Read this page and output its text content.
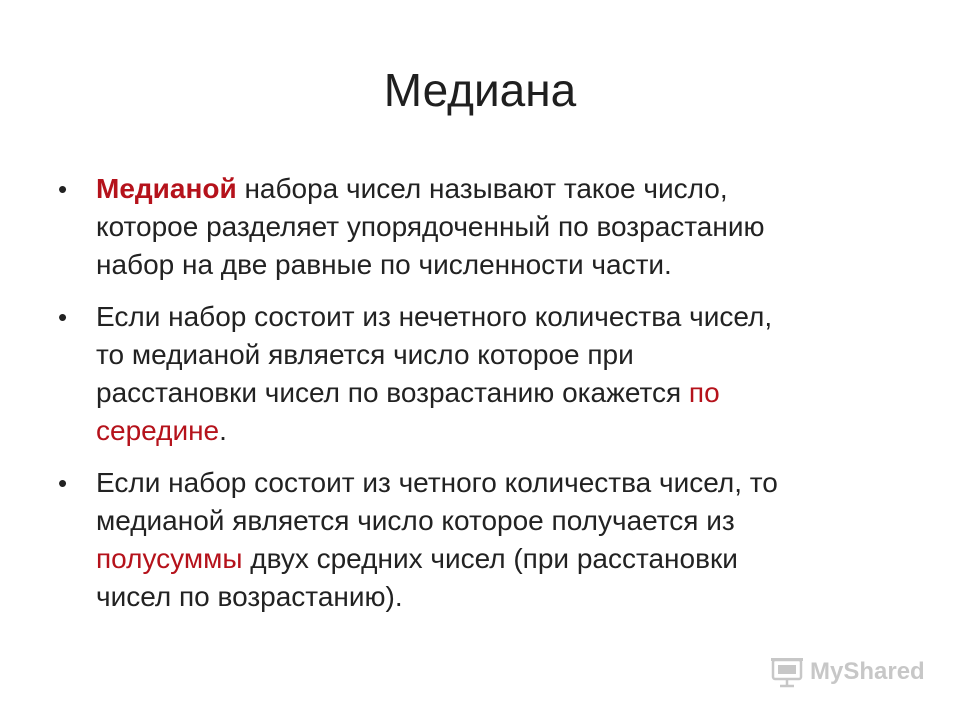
Медиана
• Медианой набора чисел называют такое число,
которое разделяет упорядоченный по возрастанию
набор на две равные по численности части.
• Если набор состоит из нечетного количества чисел,
то медианой является число которое при
расстановки чисел по возрастанию окажется по
середине.
• Если набор состоит из четного количества чисел, то
медианой является число которое получается из
полусуммы двух средних чисел (при расстановки
чисел по возрастанию).
MyShared
